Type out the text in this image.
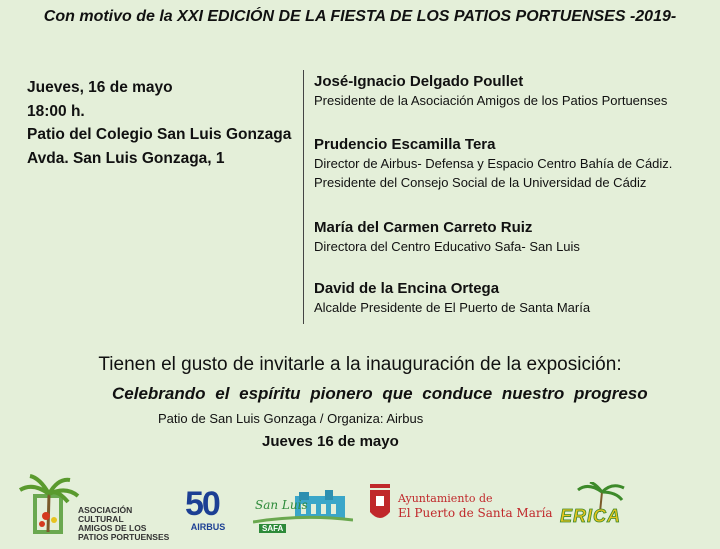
Con motivo de la XXI EDICIÓN DE LA FIESTA DE LOS PATIOS PORTUENSES -2019-
Jueves, 16 de mayo
18:00 h.
Patio del Colegio San Luis Gonzaga
Avda. San Luis Gonzaga, 1
José-Ignacio Delgado Poullet
Presidente de la Asociación Amigos de los Patios Portuenses
Prudencio Escamilla Tera
Director de Airbus- Defensa y Espacio Centro Bahía de Cádiz.
Presidente del Consejo Social de la Universidad de Cádiz
María del Carmen Carreto Ruiz
Directora del Centro Educativo Safa- San Luis
David de la Encina Ortega
Alcalde Presidente de El Puerto de Santa María
Tienen el gusto de invitarle a la inauguración de la exposición:
Celebrando el espíritu pionero que conduce nuestro progreso
Patio de San Luis Gonzaga / Organiza: Airbus
Jueves 16 de mayo
ASOCIACIÓN CULTURAL
AMIGOS DE LOS
PATIOS PORTUENSES
50
AIRBUS
San Luis
SAFA
Ayuntamiento de
El Puerto de Santa María ERICA
